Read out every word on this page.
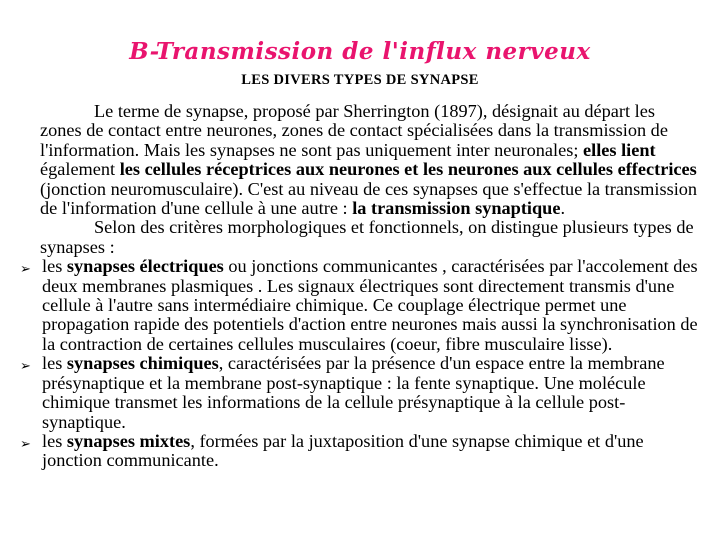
B-Transmission de l'influx nerveux
LES DIVERS TYPES DE SYNAPSE
Le terme de synapse, proposé par Sherrington (1897), désignait au départ les zones de contact entre neurones, zones de contact spécialisées dans la transmission de l'information. Mais les synapses ne sont pas uniquement inter neuronales; elles lient également les cellules réceptrices aux neurones et les neurones aux cellules effectrices (jonction neuromusculaire). C'est au niveau de ces synapses que s'effectue la transmission de l'information d'une cellule à une autre : la transmission synaptique.
Selon des critères morphologiques et fonctionnels, on distingue plusieurs types de synapses :
➢ les synapses électriques ou jonctions communicantes , caractérisées par l'accolement des deux membranes plasmiques . Les signaux électriques sont directement transmis d'une cellule à l'autre sans intermédiaire chimique. Ce couplage électrique permet une propagation rapide des potentiels d'action entre neurones mais aussi la synchronisation de la contraction de certaines cellules musculaires (coeur, fibre musculaire lisse).
➢ les synapses chimiques, caractérisées par la présence d'un espace entre la membrane présynaptique et la membrane post-synaptique : la fente synaptique. Une molécule chimique transmet les informations de la cellule présynaptique à la cellule post-synaptique.
➢ les synapses mixtes, formées par la juxtaposition d'une synapse chimique et d'une jonction communicante.
